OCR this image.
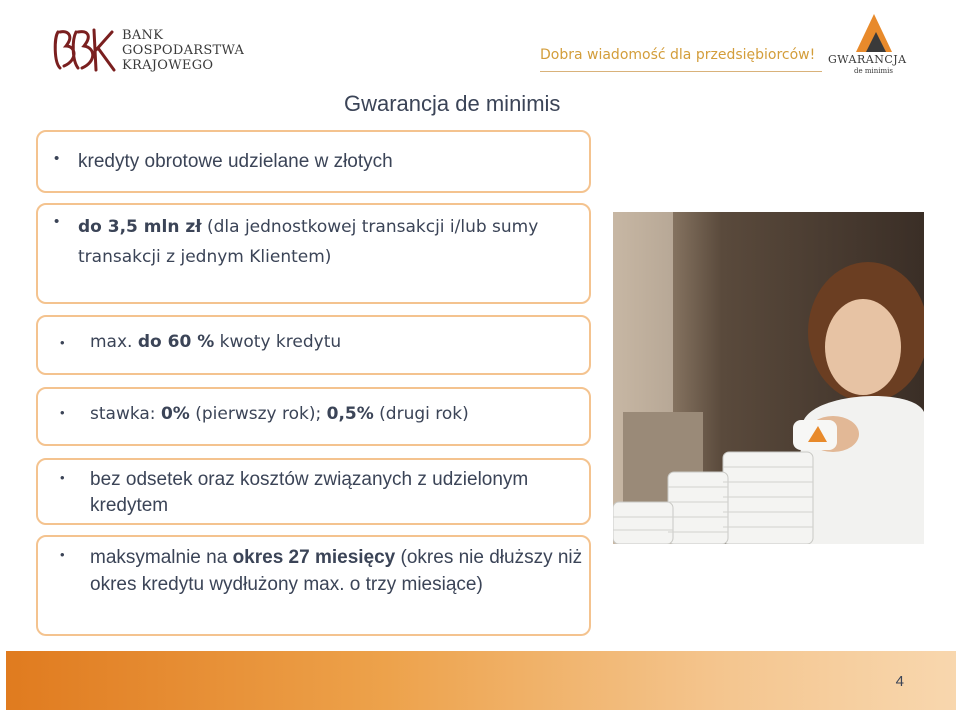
BANK
GOSPODARSTWA
KRAJOWEGO
Dobra wiadomość dla przedsiębiorców! GWARANCJA
de minimis
Gwarancja de minimis
• kredyty obrotowe udzielane w złotych
• do 3,5 mln zł (dla jednostkowej transakcji i/lub sumy transakcji z jednym Klientem)
• max. do 60 % kwoty kredytu
• stawka: 0% (pierwszy rok); 0,5% (drugi rok)
• bez odsetek oraz kosztów związanych z udzielonym kredytem
• maksymalnie na okres 27 miesięcy (okres nie dłuższy niż okres kredytu wydłużony max. o trzy miesiące)
4
